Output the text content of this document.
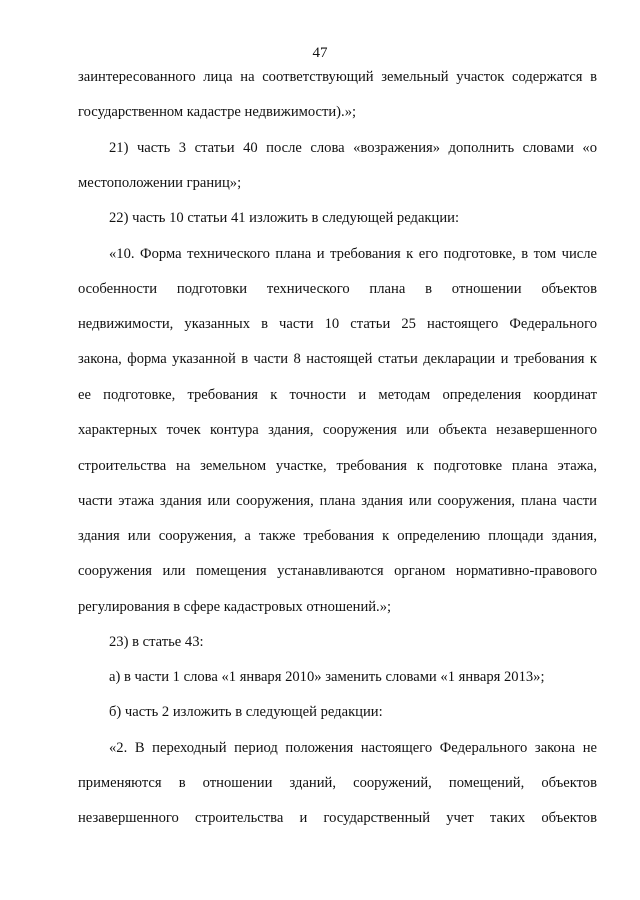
47
заинтересованного лица на соответствующий земельный участок содержатся в
государственном кадастре недвижимости).»;
21) часть 3 статьи 40 после слова «возражения» дополнить словами «о
местоположении границ»;
22) часть 10 статьи 41 изложить в следующей редакции:
«10. Форма технического плана и требования к его подготовке, в том числе
особенности подготовки технического плана в отношении объектов
недвижимости, указанных в части 10 статьи 25 настоящего Федерального
закона, форма указанной в части 8 настоящей статьи декларации и требования к
ее подготовке, требования к точности и методам определения координат
характерных точек контура здания, сооружения или объекта незавершенного
строительства на земельном участке, требования к подготовке плана этажа,
части этажа здания или сооружения, плана здания или сооружения, плана части
здания или сооружения, а также требования к определению площади здания,
сооружения или помещения устанавливаются органом нормативно-правового
регулирования в сфере кадастровых отношений.»;
23) в статье 43:
а) в части 1 слова «1 января 2010» заменить словами «1 января 2013»;
б) часть 2 изложить в следующей редакции:
«2. В переходный период положения настоящего Федерального закона не
применяются в отношении зданий, сооружений, помещений, объектов
незавершенного строительства и государственный учет таких объектов
